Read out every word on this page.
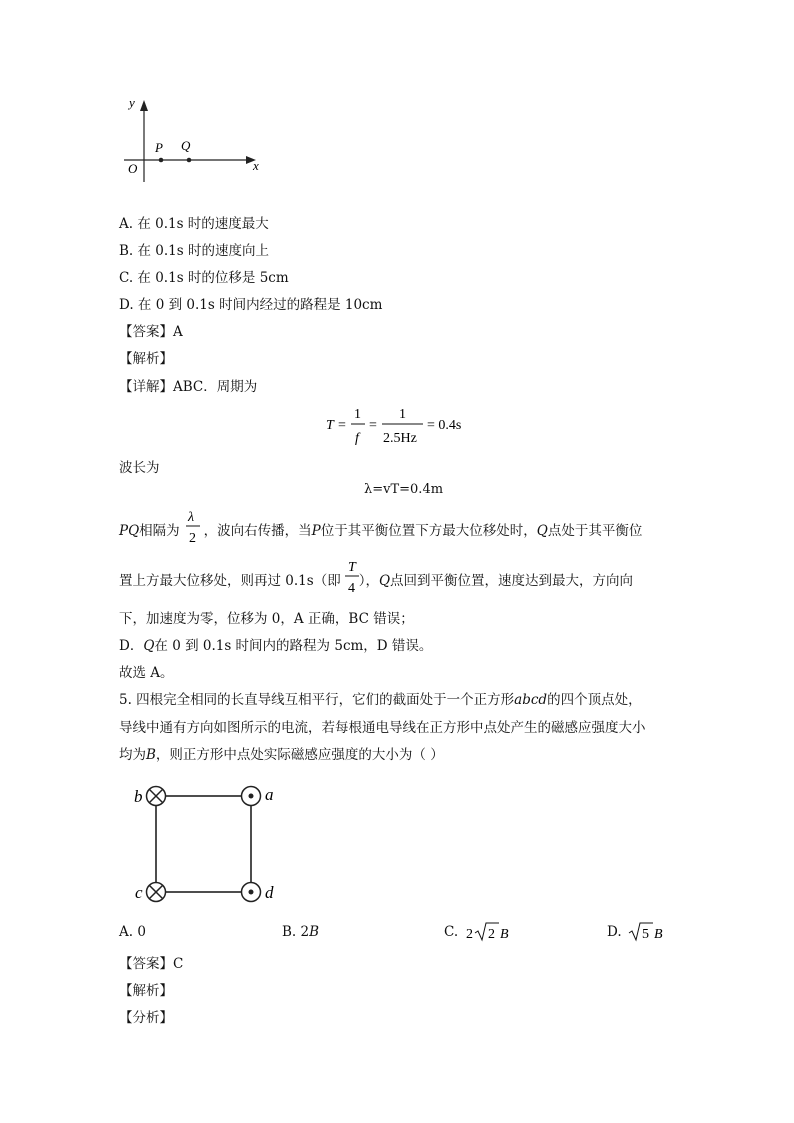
y
x
O
P Q
A. 在 0.1s 时的速度最大
B. 在 0.1s 时的速度向上
C. 在 0.1s 时的位移是 5cm
D. 在 0 到 0.1s 时间内经过的路程是 10cm
【答案】A
【解析】
【详解】ABC．周期为
T =
1
f
=
1
2.5Hz
= 0.4s
波长为
λ=vT=0.4m
PQ相隔为 ，波向右传播，当P位于其平衡位置下方最大位移处时，Q点处于其平衡位
λ
2
置上方最大位移处，则再过 0.1s（即 ），Q点回到平衡位置，速度达到最大，方向向
T
4
下，加速度为零，位移为 0，A 正确，BC 错误；
D．Q在 0 到 0.1s 时间内的路程为 5cm，D 错误。
故选 A。
5. 四根完全相同的长直导线互相平行，它们的截面处于一个正方形abcd的四个顶点处，
导线中通有方向如图所示的电流，若每根通电导线在正方形中点处产生的磁感应强度大小
均为B，则正方形中点处实际磁感应强度的大小为（ ）
b
c
a
d
A. 0	B. 2B	C. 2 2 B	D. 5 B
【答案】C
【解析】
【分析】
